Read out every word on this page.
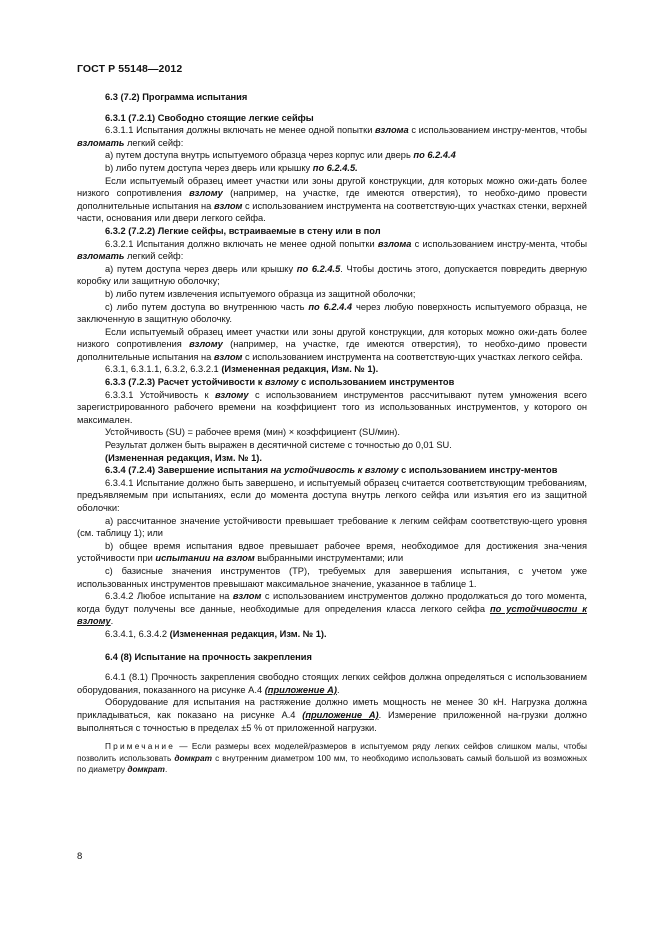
ГОСТ Р 55148—2012

6.3 (7.2) Программа испытания

6.3.1 (7.2.1) Свободно стоящие легкие сейфы

6.3.1.1 Испытания должны включать не менее одной попытки взлома с использованием инстру-ментов, чтобы взломать легкий сейф:

а) путем доступа внутрь испытуемого образца через корпус или дверь по 6.2.4.4

b) либо путем доступа через дверь или крышку по 6.2.4.5.

Если испытуемый образец имеет участки или зоны другой конструкции, для которых можно ожи-дать более низкого сопротивления взлому (например, на участке, где имеются отверстия), то необхо-димо провести дополнительные испытания на взлом с использованием инструмента на соответствую-щих участках стенки, верхней части, основания или двери легкого сейфа.

6.3.2 (7.2.2) Легкие сейфы, встраиваемые в стену или в пол

6.3.2.1 Испытания должно включать не менее одной попытки взлома с использованием инстру-мента, чтобы взломать легкий сейф:

а) путем доступа через дверь или крышку по 6.2.4.5. Чтобы достичь этого, допускается повредить дверную коробку или защитную оболочку;

b) либо путем извлечения испытуемого образца из защитной оболочки;

с) либо путем доступа во внутреннюю часть по 6.2.4.4 через любую поверхность испытуемого образца, не заключенную в защитную оболочку.

Если испытуемый образец имеет участки или зоны другой конструкции, для которых можно ожи-дать более низкого сопротивления взлому (например, на участке, где имеются отверстия), то необхо-димо провести дополнительные испытания на взлом с использованием инструмента на соответствую-щих участках легкого сейфа.

6.3.1, 6.3.1.1, 6.3.2, 6.3.2.1 (Измененная редакция, Изм. № 1).

6.3.3 (7.2.3) Расчет устойчивости к взлому с использованием инструментов

6.3.3.1 Устойчивость к взлому с использованием инструментов рассчитывают путем умножения всего зарегистрированного рабочего времени на коэффициент того из использованных инструментов, у которого он максимален.

Устойчивость (SU) = рабочее время (мин) × коэффициент (SU/мин).

Результат должен быть выражен в десятичной системе с точностью до 0,01 SU.

(Измененная редакция, Изм. № 1).

6.3.4 (7.2.4) Завершение испытания на устойчивость к взлому с использованием инстру-ментов

6.3.4.1 Испытание должно быть завершено, и испытуемый образец считается соответствующим требованиям, предъявляемым при испытаниях, если до момента доступа внутрь легкого сейфа или изъятия его из защитной оболочки:

а) рассчитанное значение устойчивости превышает требование к легким сейфам соответствую-щего уровня (см. таблицу 1); или

b) общее время испытания вдвое превышает рабочее время, необходимое для достижения зна-чения устойчивости при испытании на взлом выбранными инструментами; или

с) базисные значения инструментов (ТР), требуемых для завершения испытания, с учетом уже использованных инструментов превышают максимальное значение, указанное в таблице 1.

6.3.4.2 Любое испытание на взлом с использованием инструментов должно продолжаться до того момента, когда будут получены все данные, необходимые для определения класса легкого сейфа по устойчивости к взлому.

6.3.4.1, 6.3.4.2 (Измененная редакция, Изм. № 1).

6.4 (8) Испытание на прочность закрепления

6.4.1 (8.1) Прочность закрепления свободно стоящих легких сейфов должна определяться с использованием оборудования, показанного на рисунке А.4 (приложение А).

Оборудование для испытания на растяжение должно иметь мощность не менее 30 кН. Нагрузка должна прикладываться, как показано на рисунке А.4 (приложение А). Измерение приложенной на-грузки должно выполняться с точностью в пределах ±5 % от приложенной нагрузки.

Примечание — Если размеры всех моделей/размеров в испытуемом ряду легких сейфов слишком малы, чтобы позволить использовать домкрат с внутренним диаметром 100 мм, то необходимо использовать самый большой из возможных по диаметру домкрат.

8
